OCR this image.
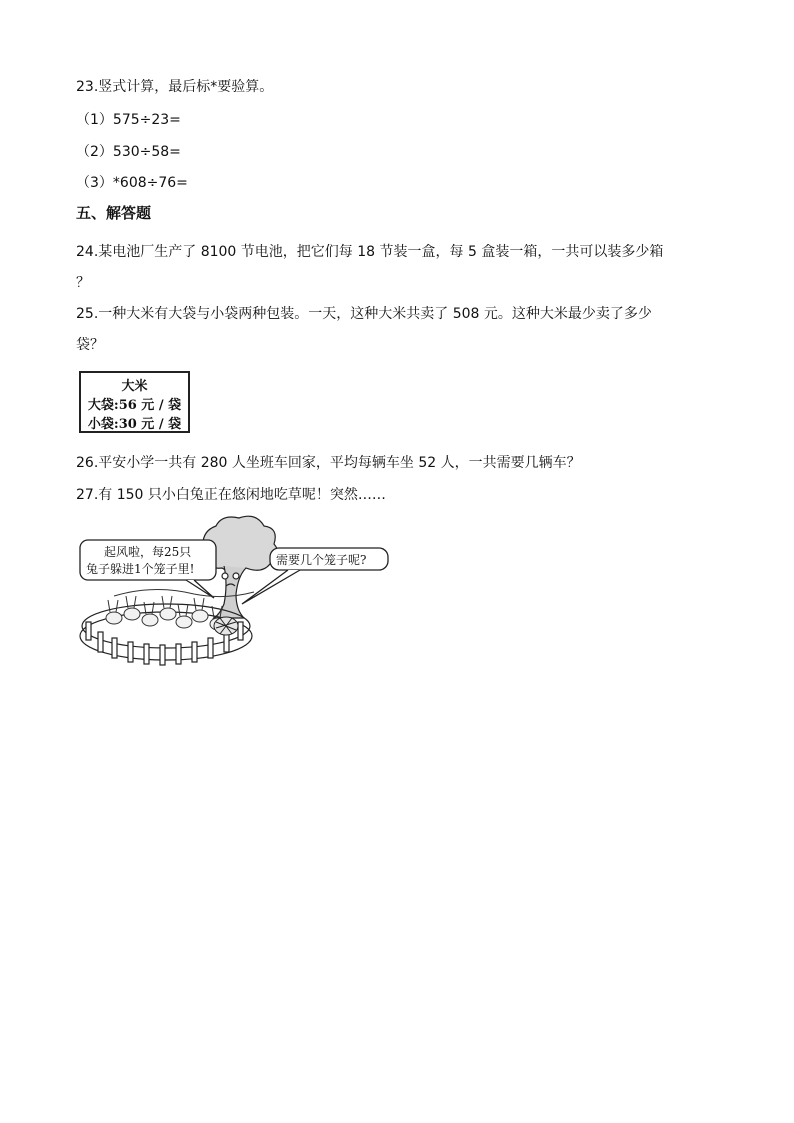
23.竖式计算，最后标*要验算。
（1）575÷23=
（2）530÷58=
（3）*608÷76=
五、解答题
24.某电池厂生产了 8100 节电池，把它们每 18 节装一盒，每 5 盒装一箱，一共可以装多少箱
？
25.一种大米有大袋与小袋两种包装。一天，这种大米共卖了 508 元。这种大米最少卖了多少
袋？
大米
大袋:56 元 / 袋
小袋:30 元 / 袋
26.平安小学一共有 280 人坐班车回家，平均每辆车坐 52 人，一共需要几辆车？
27.有 150 只小白兔正在悠闲地吃草呢！突然……
起风啦，每25只
兔子躲进1个笼子里!
需要几个笼子呢?
